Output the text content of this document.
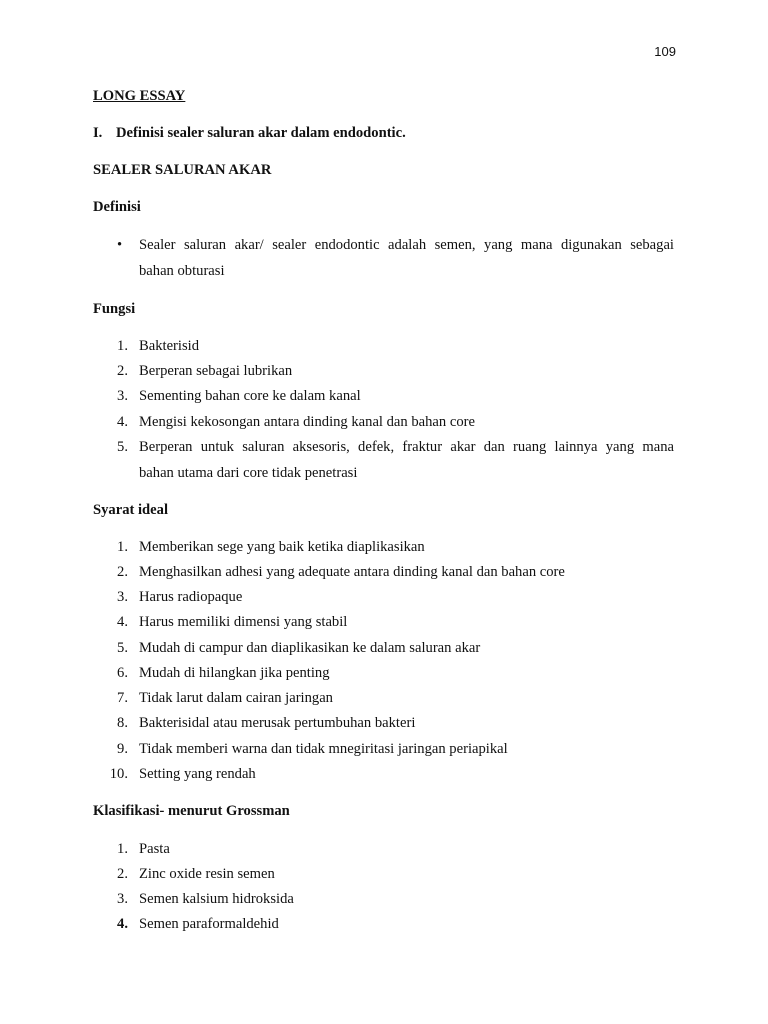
109
LONG ESSAY
I. Definisi sealer saluran akar dalam endodontic.
SEALER SALURAN AKAR
Definisi
• Sealer saluran akar/ sealer endodontic adalah semen, yang mana digunakan sebagai
bahan obturasi
Fungsi
1. Bakterisid
2. Berperan sebagai lubrikan
3. Sementing bahan core ke dalam kanal
4. Mengisi kekosongan antara dinding kanal dan bahan core
5. Berperan untuk saluran aksesoris, defek, fraktur akar dan ruang lainnya yang mana
bahan utama dari core tidak penetrasi
Syarat ideal
1. Memberikan sege yang baik ketika diaplikasikan
2. Menghasilkan adhesi yang adequate antara dinding kanal dan bahan core
3. Harus radiopaque
4. Harus memiliki dimensi yang stabil
5. Mudah di campur dan diaplikasikan ke dalam saluran akar
6. Mudah di hilangkan jika penting
7. Tidak larut dalam cairan jaringan
8. Bakterisidal atau merusak pertumbuhan bakteri
9. Tidak memberi warna dan tidak mnegiritasi jaringan periapikal
10. Setting yang rendah
Klasifikasi- menurut Grossman
1. Pasta
2. Zinc oxide resin semen
3. Semen kalsium hidroksida
4. Semen paraformaldehid
